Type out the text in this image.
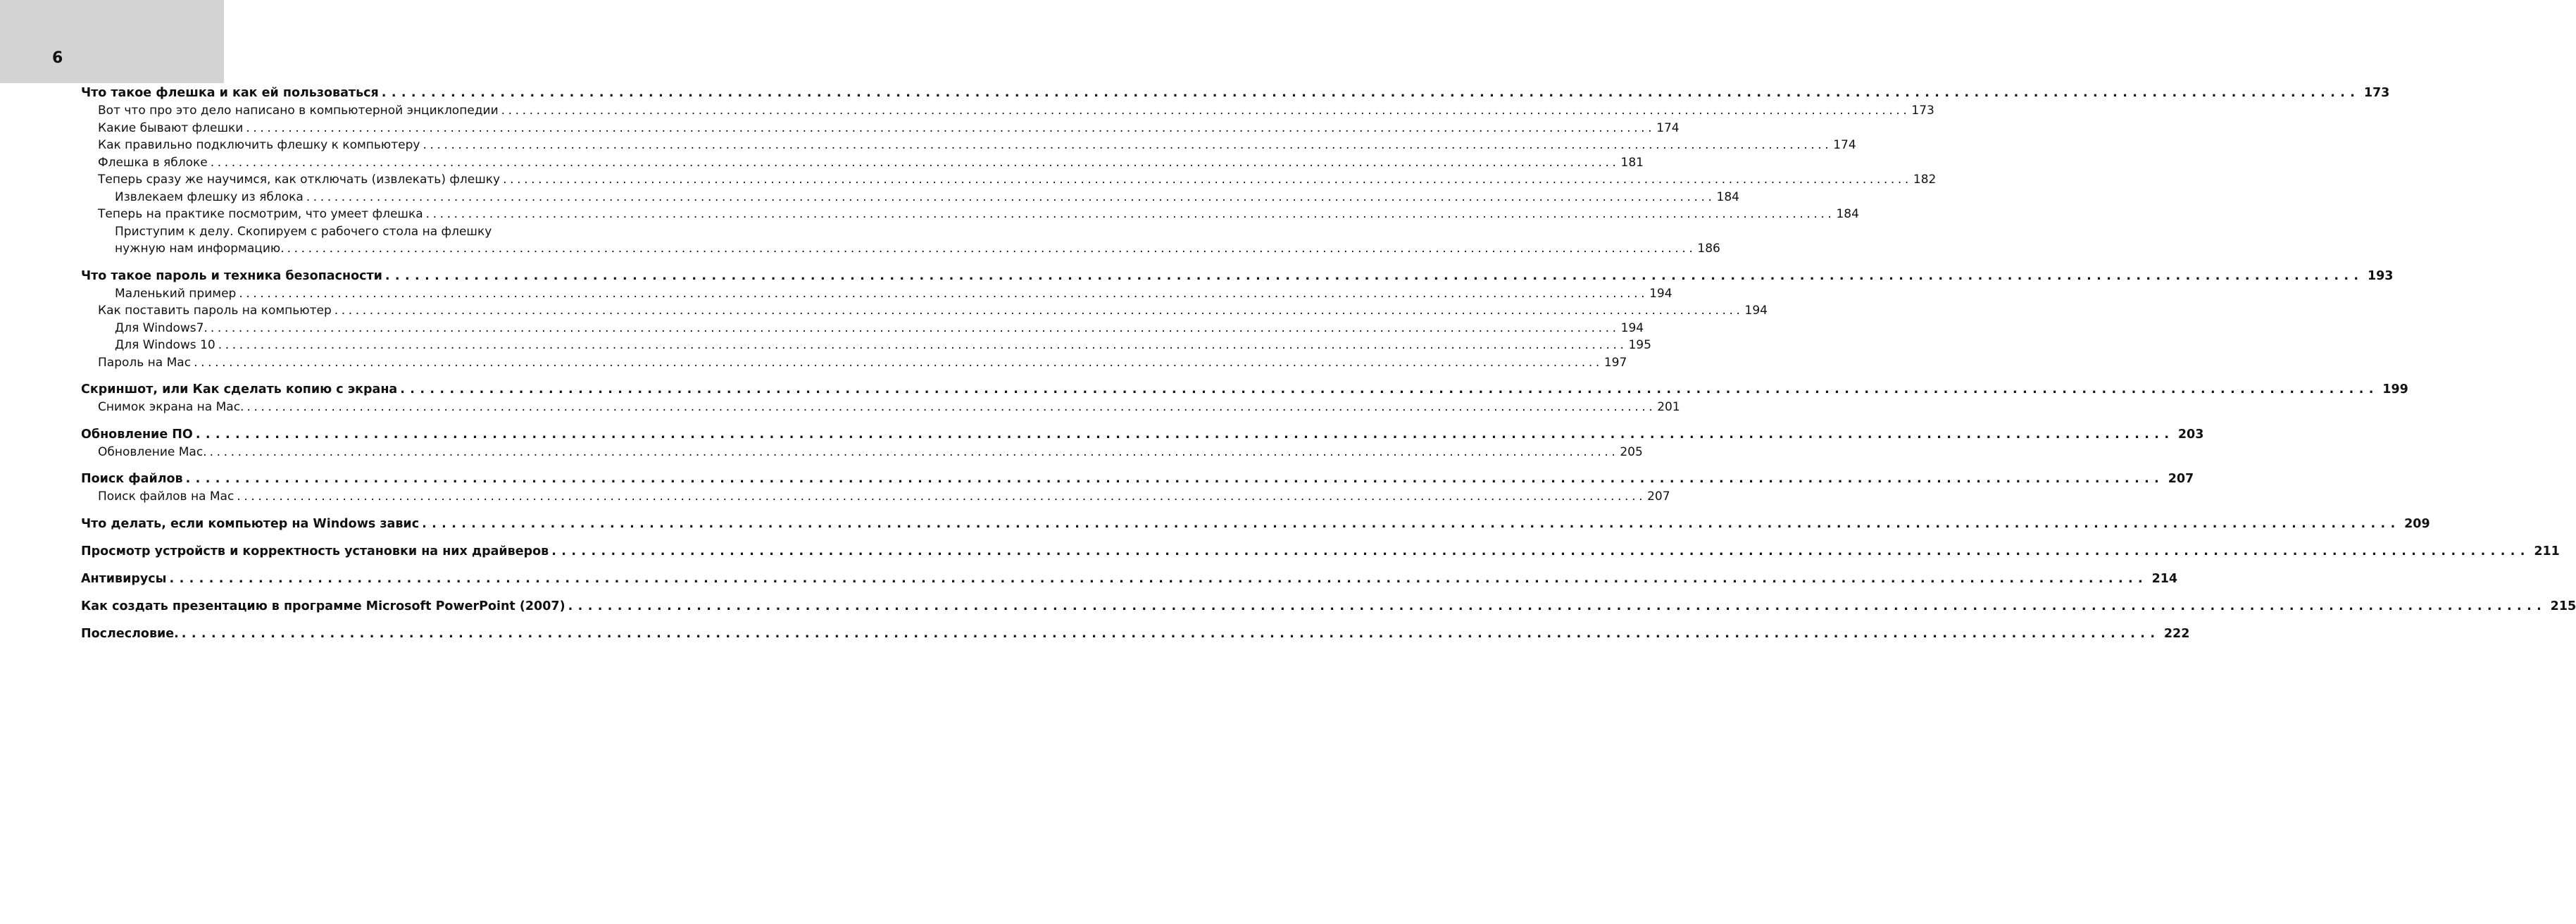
6
Что такое флешка и как ей пользоваться ........................................................................................................................................................................................................ 173
Вот что про это дело написано в компьютерной энциклопедии ........................................................................................................................................................................................................ 173
Какие бывают флешки ........................................................................................................................................................................................................ 174
Как правильно подключить флешку к компьютеру ........................................................................................................................................................................................................ 174
Флешка в яблоке ........................................................................................................................................................................................................ 181
Теперь сразу же научимся, как отключать (извлекать) флешку ........................................................................................................................................................................................................ 182
Извлекаем флешку из яблока ........................................................................................................................................................................................................ 184
Теперь на практике посмотрим, что умеет флешка ........................................................................................................................................................................................................ 184
Приступим к делу. Скопируем с рабочего стола на флешку
нужную нам информацию. ........................................................................................................................................................................................................ 186
Что такое пароль и техника безопасности ........................................................................................................................................................................................................ 193
Маленький пример ........................................................................................................................................................................................................ 194
Как поставить пароль на компьютер ........................................................................................................................................................................................................ 194
Для Windows7. ........................................................................................................................................................................................................ 194
Для Windows 10 ........................................................................................................................................................................................................ 195
Пароль на Mac ........................................................................................................................................................................................................ 197
Скриншот, или Как сделать копию с экрана ........................................................................................................................................................................................................ 199
Снимок экрана на Mac. ........................................................................................................................................................................................................ 201
Обновление ПО ........................................................................................................................................................................................................ 203
Обновление Mac. ........................................................................................................................................................................................................ 205
Поиск файлов ........................................................................................................................................................................................................ 207
Поиск файлов на Mac ........................................................................................................................................................................................................ 207
Что делать, если компьютер на Windows завис ........................................................................................................................................................................................................ 209
Просмотр устройств и корректность установки на них драйверов ........................................................................................................................................................................................................ 211
Антивирусы ........................................................................................................................................................................................................ 214
Как создать презентацию в программе Microsoft PowerPoint (2007) ........................................................................................................................................................................................................ 215
Послесловие. ........................................................................................................................................................................................................ 222
